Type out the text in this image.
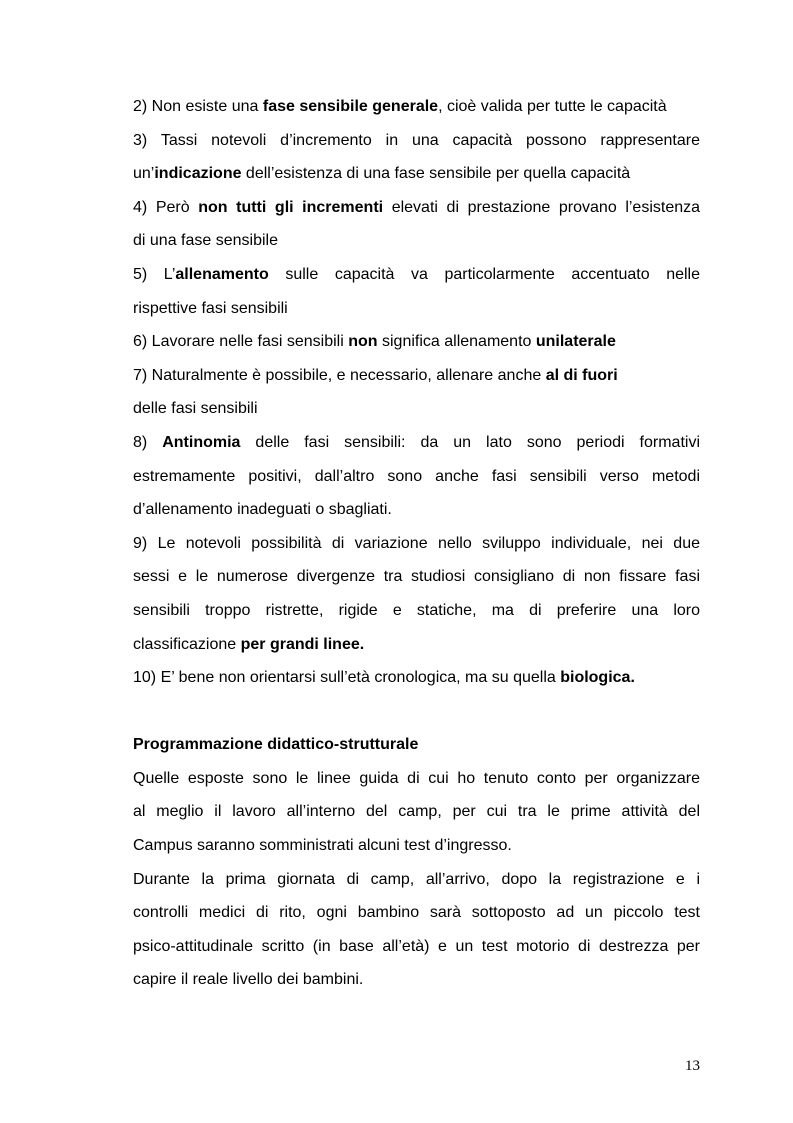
2) Non esiste una fase sensibile generale, cioè valida per tutte le capacità
3) Tassi notevoli d’incremento in una capacità possono rappresentare
un’indicazione dell’esistenza di una fase sensibile per quella capacità
4) Però non tutti gli incrementi elevati di prestazione provano l’esistenza
di una fase sensibile
5) L’allenamento sulle capacità va particolarmente accentuato nelle
rispettive fasi sensibili
6) Lavorare nelle fasi sensibili non significa allenamento unilaterale
7) Naturalmente è possibile, e necessario, allenare anche al di fuori
delle fasi sensibili
8) Antinomia delle fasi sensibili: da un lato sono periodi formativi
estremamente positivi, dall’altro sono anche fasi sensibili verso metodi
d’allenamento inadeguati o sbagliati.
9) Le notevoli possibilità di variazione nello sviluppo individuale, nei due
sessi e le numerose divergenze tra studiosi consigliano di non fissare fasi
sensibili troppo ristrette, rigide e statiche, ma di preferire una loro
classificazione per grandi linee.
10) E’ bene non orientarsi sull’età cronologica, ma su quella biologica.
Programmazione didattico-strutturale
Quelle esposte sono le linee guida di cui ho tenuto conto per organizzare
al meglio il lavoro all’interno del camp, per cui tra le prime attività del
Campus saranno somministrati alcuni test d’ingresso.
Durante la prima giornata di camp, all’arrivo, dopo la registrazione e i
controlli medici di rito, ogni bambino sarà sottoposto ad un piccolo test
psico-attitudinale scritto (in base all’età) e un test motorio di destrezza per
capire il reale livello dei bambini.
13
